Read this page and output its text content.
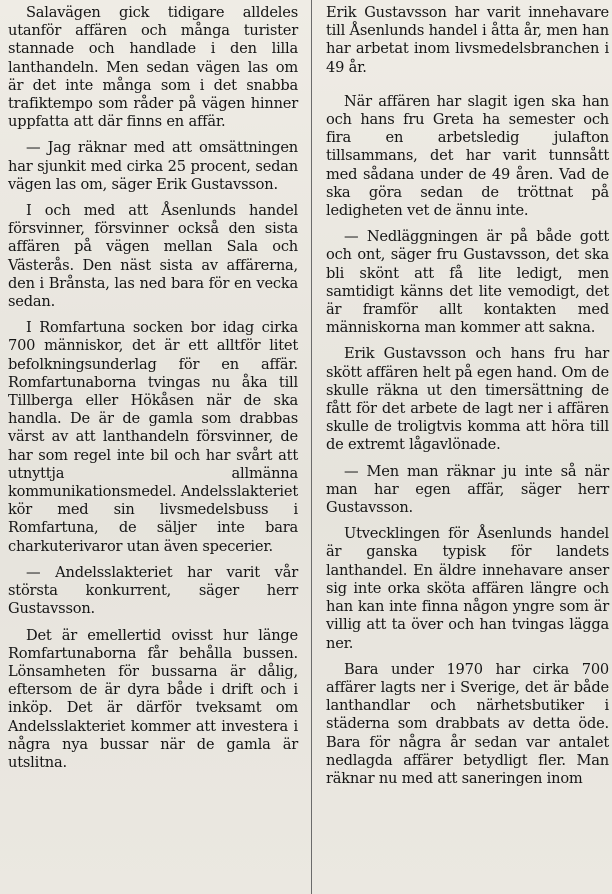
Salavägen gick tidigare alldeles utanför affären och många turister stannade och handlade i den lilla lanthandeln. Men sedan vägen las om är det inte många som i det snabba trafiktempo som råder på vägen hinner uppfatta att där finns en affär.

— Jag räknar med att omsättningen har sjunkit med cirka 25 procent, sedan vägen las om, säger Erik Gustavsson.

I och med att Åsenlunds handel försvinner, försvinner också den sista affären på vägen mellan Sala och Västerås. Den näst sista av affärerna, den i Brånsta, las ned bara för en vecka sedan.

I Romfartuna socken bor idag cirka 700 människor, det är ett alltför litet befolkningsunderlag för en affär. Romfartunaborna tvingas nu åka till Tillberga eller Hökåsen när de ska handla. De är de gamla som drabbas värst av att lanthandeln försvinner, de har som regel inte bil och har svårt att utnyttja allmänna kommunikationsmedel. Andelsslakteriet kör med sin livsmedelsbuss i Romfartuna, de säljer inte bara charkuterivaror utan även specerier.

— Andelsslakteriet har varit vår största konkurrent, säger herr Gustavsson.

Det är emellertid ovisst hur länge Romfartunaborna får behålla bussen. Lönsamheten för bussarna är dålig, eftersom de är dyra både i drift och i inköp. Det är därför tveksamt om Andelsslakteriet kommer att investera i några nya bussar när de gamla är utslitna.

Erik Gustavsson har varit innehavare till Åsenlunds handel i åtta år, men han har arbetat inom livsmedelsbranchen i 49 år.

När affären har slagit igen ska han och hans fru Greta ha semester och fira en arbetsledig julafton tillsammans, det har varit tunnsått med sådana under de 49 åren. Vad de ska göra sedan de tröttnat på ledigheten vet de ännu inte.

— Nedläggningen är på både gott och ont, säger fru Gustavsson, det ska bli skönt att få lite ledigt, men samtidigt känns det lite vemodigt, det är framför allt kontakten med människorna man kommer att sakna.

Erik Gustavsson och hans fru har skött affären helt på egen hand. Om de skulle räkna ut den timersättning de fått för det arbete de lagt ner i affären skulle de troligtvis komma att höra till de extremt lågavlönade.

— Men man räknar ju inte så när man har egen affär, säger herr Gustavsson.

Utvecklingen för Åsenlunds handel är ganska typisk för landets lanthandel. En äldre innehavare anser sig inte orka sköta affären längre och han kan inte finna någon yngre som är villig att ta över och han tvingas lägga ner.

Bara under 1970 har cirka 700 affärer lagts ner i Sverige, det är både lanthandlar och närhetsbutiker i städerna som drabbats av detta öde. Bara för några år sedan var antalet nedlagda affärer betydligt fler. Man räknar nu med att saneringen inom
